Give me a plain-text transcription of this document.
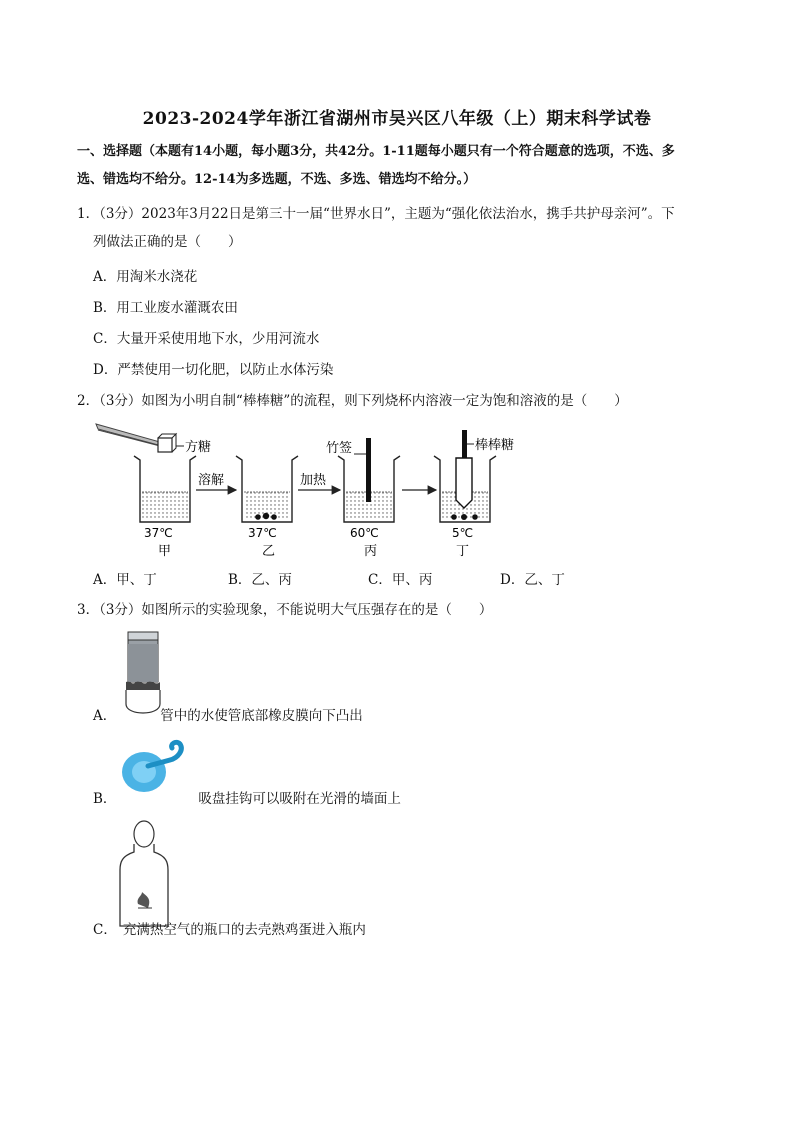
2023-2024学年浙江省湖州市吴兴区八年级（上）期末科学试卷
一、选择题（本题有14小题，每小题3分，共42分。1-11题每小题只有一个符合题意的选项，不选、多
选、错选均不给分。12-14为多选题，不选、多选、错选均不给分。）
1．（3分）2023年3月22日是第三十一届“世界水日”，主题为“强化依法治水，携手共护母亲河”。下
列做法正确的是（　　）
A．用淘米水浇花
B．用工业废水灌溉农田
C．大量开采使用地下水，少用河流水
D．严禁使用一切化肥，以防止水体污染
2．（3分）如图为小明自制“棒棒糖”的流程，则下列烧杯内溶液一定为饱和溶液的是（　　）
方糖
37℃
甲
溶解
37℃
乙
加热
竹签
60℃
丙
棒棒糖
5℃
丁
A．甲、丁	B．乙、丙	C．甲、丙	D．乙、丁
3．（3分）如图所示的实验现象，不能说明大气压强存在的是（　　）
A．	管中的水使管底部橡皮膜向下凸出
B．	吸盘挂钩可以吸附在光滑的墙面上
C． 充满热空气的瓶口的去壳熟鸡蛋进入瓶内
